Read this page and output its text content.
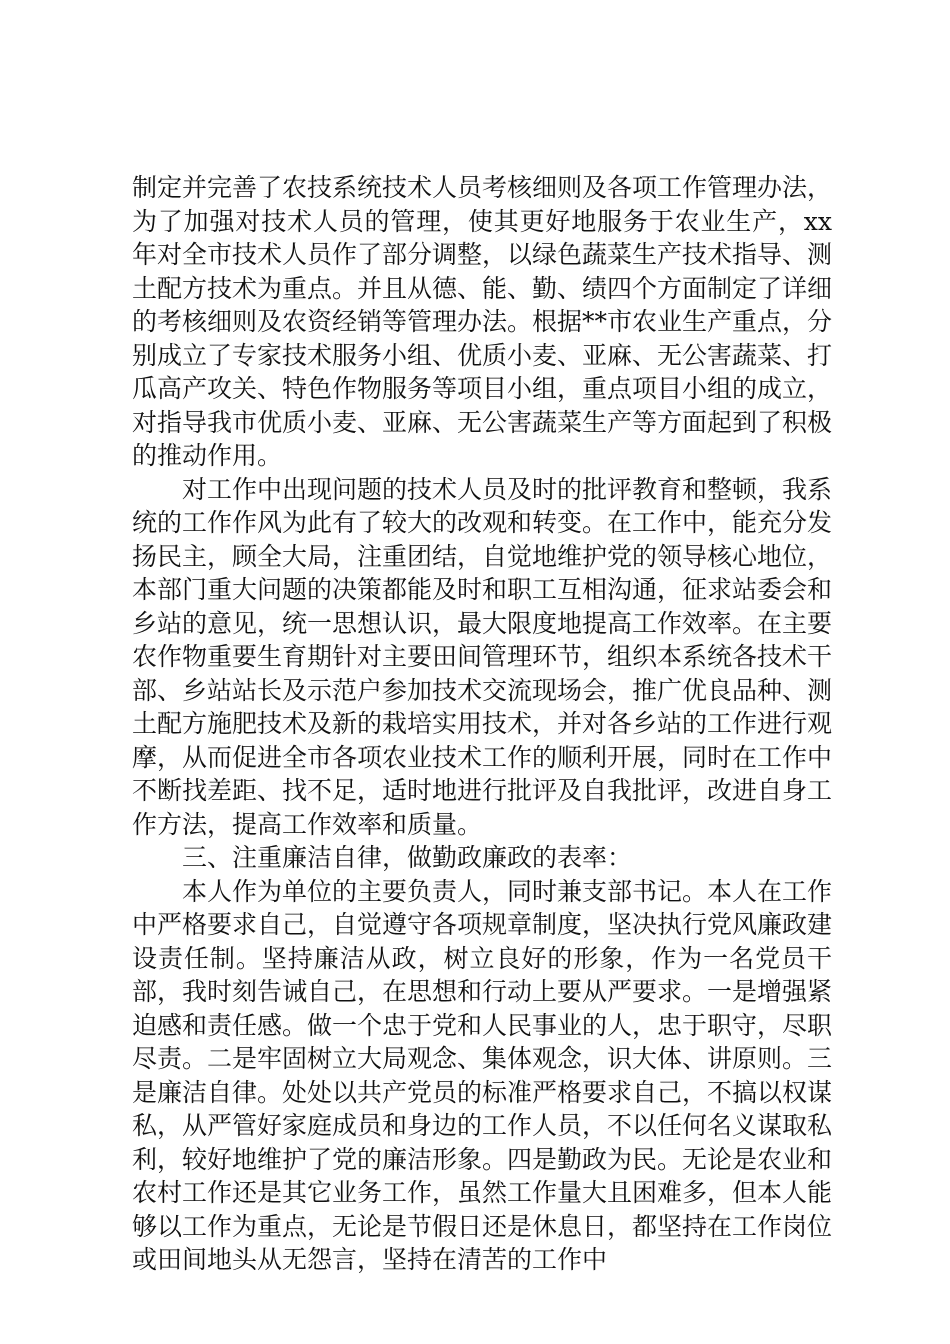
制定并完善了农技系统技术人员考核细则及各项工作管理办法，为了加强对技术人员的管理，使其更好地服务于农业生产，xx年对全市技术人员作了部分调整，以绿色蔬菜生产技术指导、测土配方技术为重点。并且从德、能、勤、绩四个方面制定了详细的考核细则及农资经销等管理办法。根据**市农业生产重点，分别成立了专家技术服务小组、优质小麦、亚麻、无公害蔬菜、打瓜高产攻关、特色作物服务等项目小组，重点项目小组的成立，对指导我市优质小麦、亚麻、无公害蔬菜生产等方面起到了积极的推动作用。

对工作中出现问题的技术人员及时的批评教育和整顿，我系统的工作作风为此有了较大的改观和转变。在工作中，能充分发扬民主，顾全大局，注重团结，自觉地维护党的领导核心地位，本部门重大问题的决策都能及时和职工互相沟通，征求站委会和乡站的意见，统一思想认识，最大限度地提高工作效率。在主要农作物重要生育期针对主要田间管理环节，组织本系统各技术干部、乡站站长及示范户参加技术交流现场会，推广优良品种、测土配方施肥技术及新的栽培实用技术，并对各乡站的工作进行观摩，从而促进全市各项农业技术工作的顺利开展，同时在工作中不断找差距、找不足，适时地进行批评及自我批评，改进自身工作方法，提高工作效率和质量。

三、注重廉洁自律，做勤政廉政的表率：

本人作为单位的主要负责人，同时兼支部书记。本人在工作中严格要求自己，自觉遵守各项规章制度，坚决执行党风廉政建设责任制。坚持廉洁从政，树立良好的形象，作为一名党员干部，我时刻告诫自己，在思想和行动上要从严要求。一是增强紧迫感和责任感。做一个忠于党和人民事业的人，忠于职守，尽职尽责。二是牢固树立大局观念、集体观念，识大体、讲原则。三是廉洁自律。处处以共产党员的标准严格要求自己，不搞以权谋私，从严管好家庭成员和身边的工作人员，不以任何名义谋取私利，较好地维护了党的廉洁形象。四是勤政为民。无论是农业和农村工作还是其它业务工作，虽然工作量大且困难多，但本人能够以工作为重点，无论是节假日还是休息日，都坚持在工作岗位或田间地头从无怨言，坚持在清苦的工作中
